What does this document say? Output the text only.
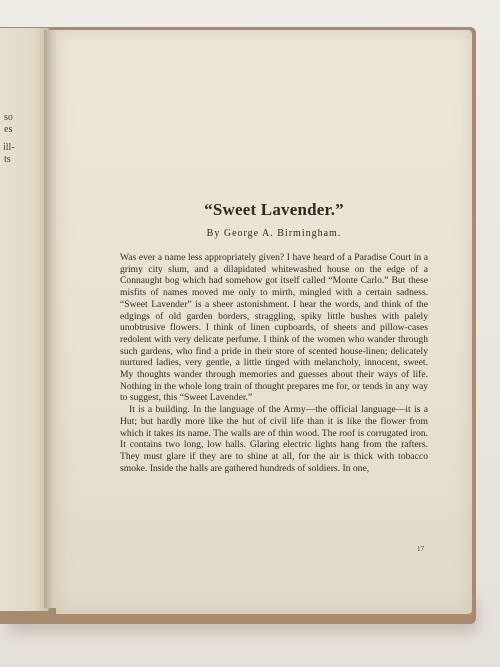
so
es
ill-
ts
“Sweet Lavender.”
By George A. Birmingham.

Was ever a name less appropriately given? I have heard of a Paradise Court in a grimy city slum, and a dilapidated whitewashed house on the edge of a Connaught bog which had somehow got itself called “Monte Carlo.” But these misfits of names moved me only to mirth, mingled with a certain sadness. “Sweet Lavender” is a sheer astonishment. I hear the words, and think of the edgings of old garden borders, straggling, spiky little bushes with palely unobtrusive flowers. I think of linen cupboards, of sheets and pillow-cases redolent with very delicate perfume. I think of the women who wander through such gardens, who find a pride in their store of scented house-linen; delicately nurtured ladies, very gentle, a little tinged with melancholy, innocent, sweet. My thoughts wander through memories and guesses about their ways of life. Nothing in the whole long train of thought prepares me for, or tends in any way to suggest, this “Sweet Lavender.”

It is a building. In the language of the Army—the official language—it is a Hut; but hardly more like the hut of civil life than it is like the flower from which it takes its name. The walls are of thin wood. The roof is corrugated iron. It contains two long, low halls. Glaring electric lights hang from the rafters. They must glare if they are to shine at all, for the air is thick with tobacco smoke. Inside the halls are gathered hundreds of soldiers. In one,

17
